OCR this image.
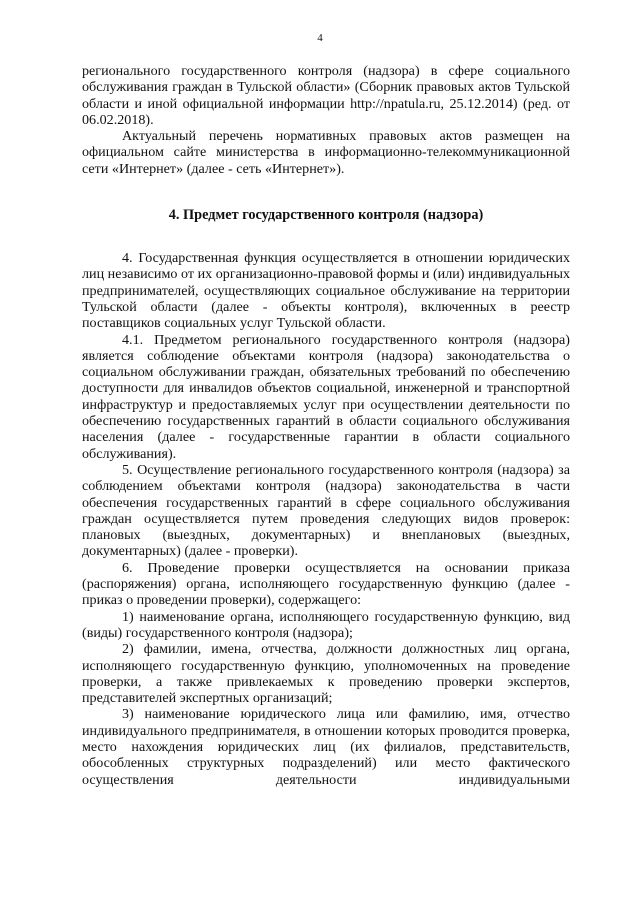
4

регионального государственного контроля (надзора) в сфере социального обслуживания граждан в Тульской области» (Сборник правовых актов Тульской области и иной официальной информации http://npatula.ru, 25.12.2014) (ред. от 06.02.2018).

Актуальный перечень нормативных правовых актов размещен на официальном сайте министерства в информационно-телекоммуникационной сети «Интернет» (далее - сеть «Интернет»).

4. Предмет государственного контроля (надзора)

4. Государственная функция осуществляется в отношении юридических лиц независимо от их организационно-правовой формы и (или) индивидуальных предпринимателей, осуществляющих социальное обслуживание на территории Тульской области (далее - объекты контроля), включенных в реестр поставщиков социальных услуг Тульской области.

4.1. Предметом регионального государственного контроля (надзора) является соблюдение объектами контроля (надзора) законодательства о социальном обслуживании граждан, обязательных требований по обеспечению доступности для инвалидов объектов социальной, инженерной и транспортной инфраструктур и предоставляемых услуг при осуществлении деятельности по обеспечению государственных гарантий в области социального обслуживания населения (далее - государственные гарантии в области социального обслуживания).

5. Осуществление регионального государственного контроля (надзора) за соблюдением объектами контроля (надзора) законодательства в части обеспечения государственных гарантий в сфере социального обслуживания граждан осуществляется путем проведения следующих видов проверок: плановых (выездных, документарных) и внеплановых (выездных, документарных) (далее - проверки).

6. Проведение проверки осуществляется на основании приказа (распоряжения) органа, исполняющего государственную функцию (далее - приказ о проведении проверки), содержащего:

1) наименование органа, исполняющего государственную функцию, вид (виды) государственного контроля (надзора);

2) фамилии, имена, отчества, должности должностных лиц органа, исполняющего государственную функцию, уполномоченных на проведение проверки, а также привлекаемых к проведению проверки экспертов, представителей экспертных организаций;

3) наименование юридического лица или фамилию, имя, отчество индивидуального предпринимателя, в отношении которых проводится проверка, место нахождения юридических лиц (их филиалов, представительств, обособленных структурных подразделений) или место фактического осуществления деятельности индивидуальными
